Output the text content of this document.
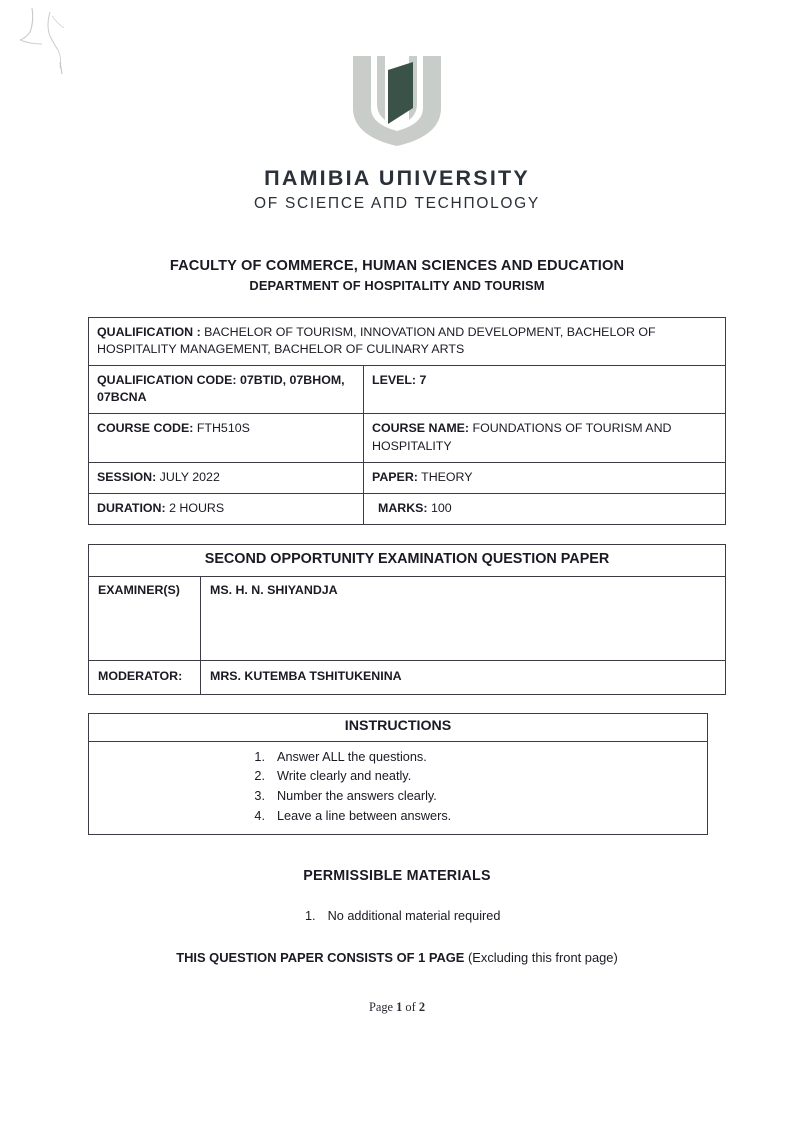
ΠAMIBIA UΠIVERSITY
OF SCIEΠCE AΠD TECHΠOLOGY
FACULTY OF COMMERCE, HUMAN SCIENCES AND EDUCATION
DEPARTMENT OF HOSPITALITY AND TOURISM
QUALIFICATION : BACHELOR OF TOURISM, INNOVATION AND DEVELOPMENT, BACHELOR OF HOSPITALITY MANAGEMENT, BACHELOR OF CULINARY ARTS	
QUALIFICATION CODE: 07BTID, 07BHOM, 07BCNA	LEVEL: 7
COURSE CODE: FTH510S	COURSE NAME: FOUNDATIONS OF TOURISM AND HOSPITALITY
SESSION: JULY 2022	PAPER: THEORY
DURATION: 2 HOURS	MARKS: 100
SECOND OPPORTUNITY EXAMINATION QUESTION PAPER	
EXAMINER(S)	MS. H. N. SHIYANDJA
MODERATOR:	MRS. KUTEMBA TSHITUKENINA
INSTRUCTIONS

1. Answer ALL the questions.
2. Write clearly and neatly.
3. Number the answers clearly.
4. Leave a line between answers.
PERMISSIBLE MATERIALS
1. No additional material required
THIS QUESTION PAPER CONSISTS OF 1 PAGE (Excluding this front page)
Page 1 of 2
